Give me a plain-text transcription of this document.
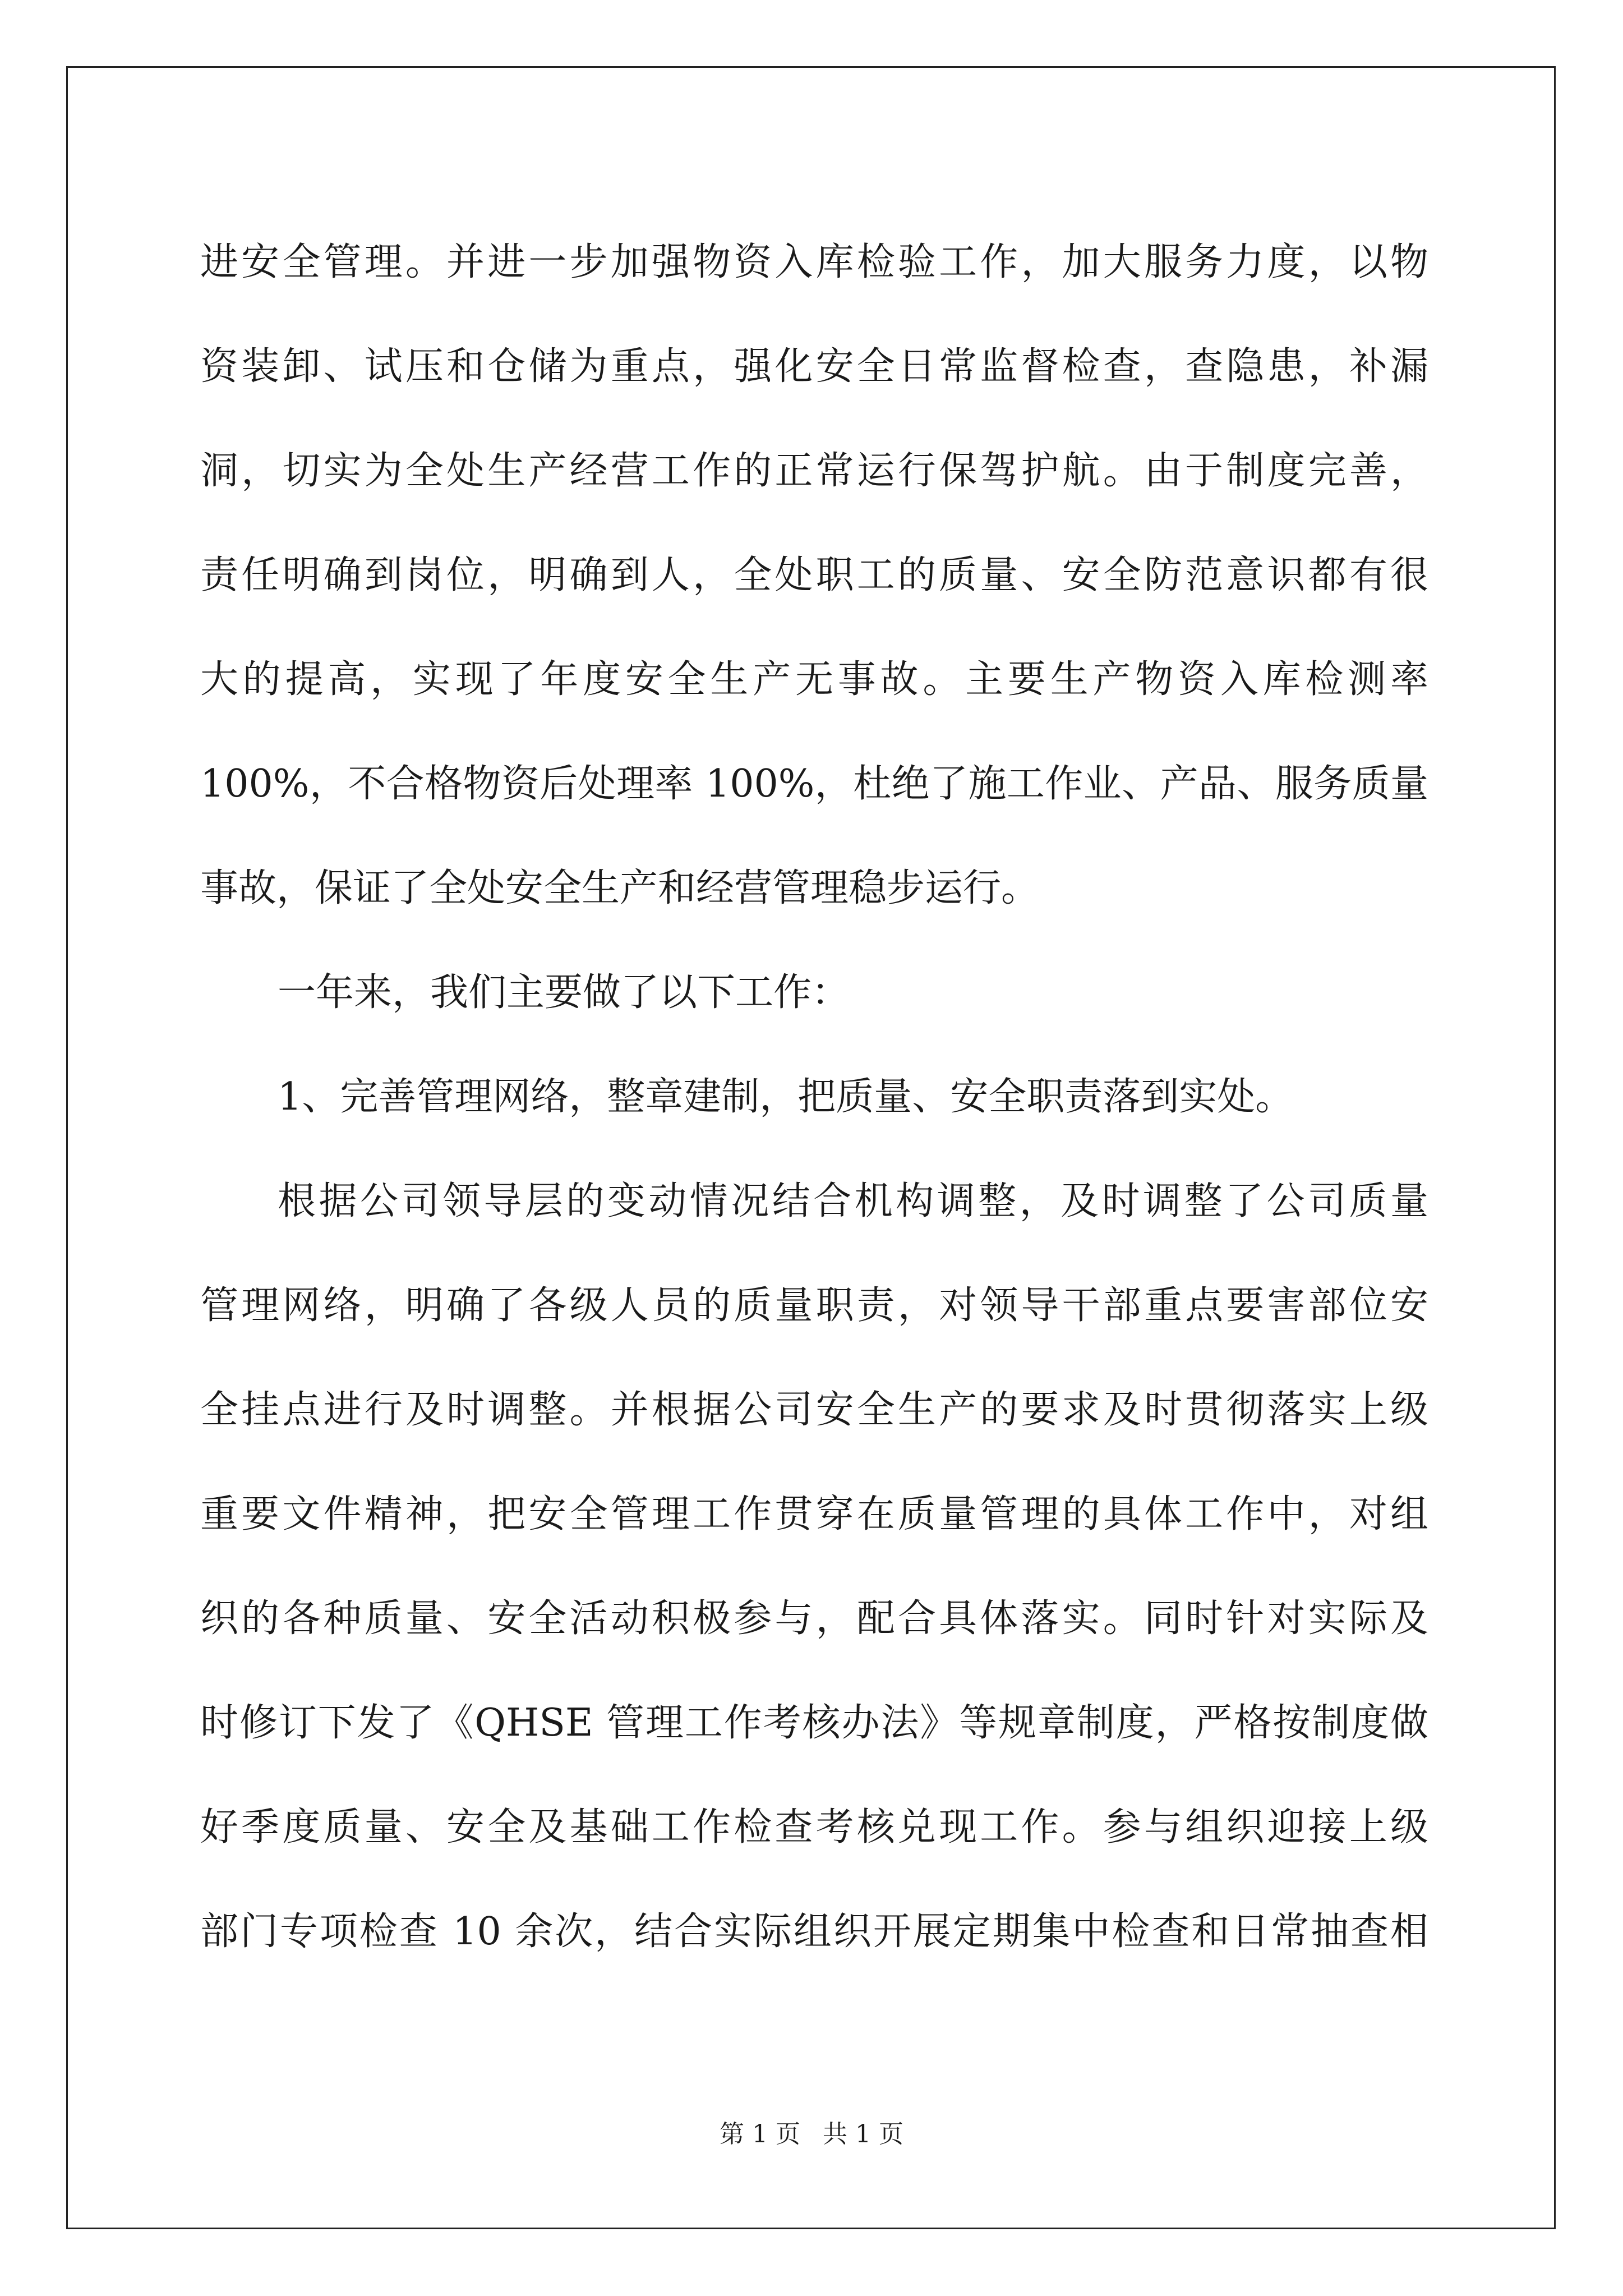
进安全管理。并进一步加强物资入库检验工作，加大服务力度，以物
资装卸、试压和仓储为重点，强化安全日常监督检查，查隐患，补漏
洞，切实为全处生产经营工作的正常运行保驾护航。由于制度完善，
责任明确到岗位，明确到人，全处职工的质量、安全防范意识都有很
大的提高，实现了年度安全生产无事故。主要生产物资入库检测率
100%，不合格物资后处理率 100%，杜绝了施工作业、产品、服务质量
事故，保证了全处安全生产和经营管理稳步运行。
一年来，我们主要做了以下工作：
1、完善管理网络，整章建制，把质量、安全职责落到实处。
根据公司领导层的变动情况结合机构调整，及时调整了公司质量
管理网络，明确了各级人员的质量职责，对领导干部重点要害部位安
全挂点进行及时调整。并根据公司安全生产的要求及时贯彻落实上级
重要文件精神，把安全管理工作贯穿在质量管理的具体工作中，对组
织的各种质量、安全活动积极参与，配合具体落实。同时针对实际及
时修订下发了《QHSE 管理工作考核办法》等规章制度，严格按制度做
好季度质量、安全及基础工作检查考核兑现工作。参与组织迎接上级
部门专项检查 10 余次，结合实际组织开展定期集中检查和日常抽查相
第 1 页 共 1 页
